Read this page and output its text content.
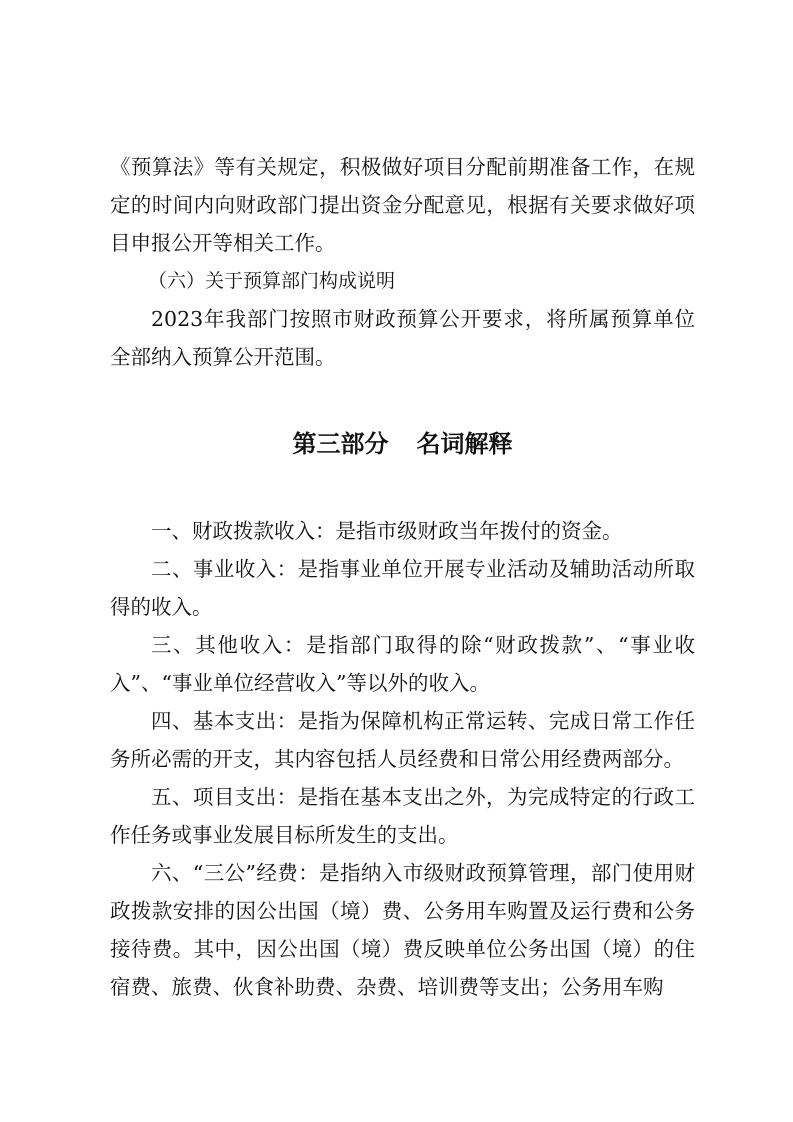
《预算法》等有关规定，积极做好项目分配前期准备工作，在规定的时间内向财政部门提出资金分配意见，根据有关要求做好项目申报公开等相关工作。

（六）关于预算部门构成说明

2023年我部门按照市财政预算公开要求，将所属预算单位全部纳入预算公开范围。

第三部分 名词解释

一、财政拨款收入：是指市级财政当年拨付的资金。

二、事业收入：是指事业单位开展专业活动及辅助活动所取得的收入。

三、其他收入：是指部门取得的除“财政拨款”、“事业收入”、“事业单位经营收入”等以外的收入。

四、基本支出：是指为保障机构正常运转、完成日常工作任务所必需的开支，其内容包括人员经费和日常公用经费两部分。

五、项目支出：是指在基本支出之外，为完成特定的行政工作任务或事业发展目标所发生的支出。

六、“三公”经费：是指纳入市级财政预算管理，部门使用财政拨款安排的因公出国（境）费、公务用车购置及运行费和公务接待费。其中，因公出国（境）费反映单位公务出国（境）的住宿费、旅费、伙食补助费、杂费、培训费等支出；公务用车购
